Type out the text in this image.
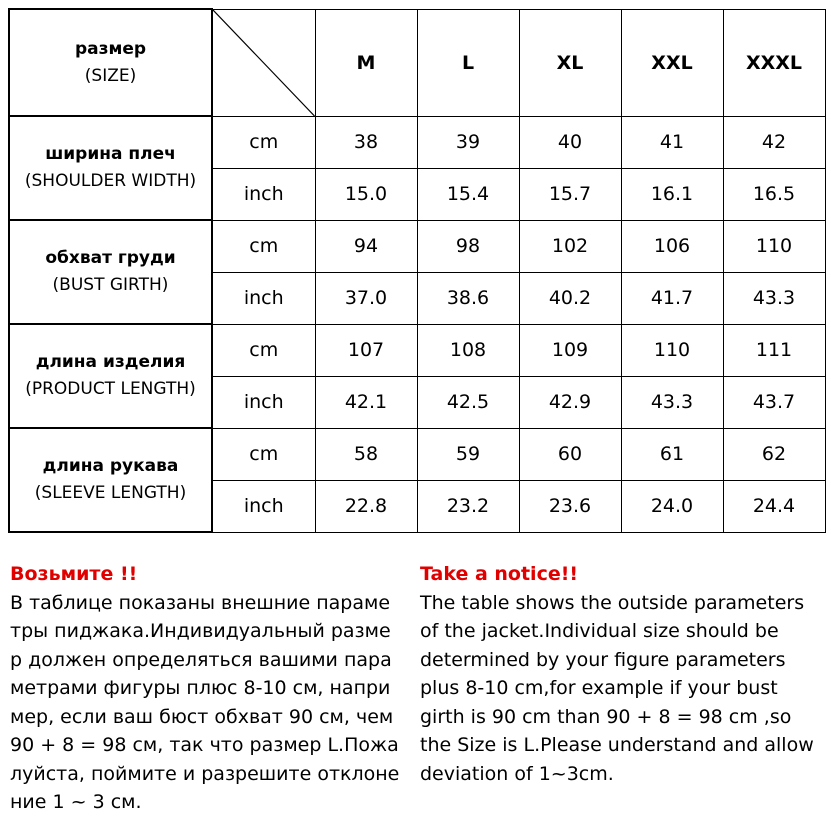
размер
(SIZE)		M	L	XL	XXL	XXXL

ширина плеч
(SHOULDER WIDTH)	cm	38	39	40	41	42
	inch	15.0	15.4	15.7	16.1	16.5

обхват груди
(BUST GIRTH)	cm	94	98	102	106	110
	inch	37.0	38.6	40.2	41.7	43.3

длина изделия
(PRODUCT LENGTH)	cm	107	108	109	110	111
	inch	42.1	42.5	42.9	43.3	43.7

длина рукава
(SLEEVE LENGTH)	cm	58	59	60	61	62
	inch	22.8	23.2	23.6	24.0	24.4
Возьмите !!
В таблице показаны внешние параме
тры пиджака.Индивидуальный разме
р должен определяться вашими пара
метрами фигуры плюс 8-10 см, напри
мер, если ваш бюст обхват 90 см, чем
90 + 8 = 98 см, так что размер L.Пожа
луйста, поймите и разрешите отклоне
ние 1 ~ 3 см.
Take a notice!!
The table shows the outside parameters of the jacket.Individual size should be determined by your figure parameters plus 8-10 cm,for example if your bust girth is 90 cm than 90 + 8 = 98 cm ,so the Size is L.Please understand and allow deviation of 1~3cm.
